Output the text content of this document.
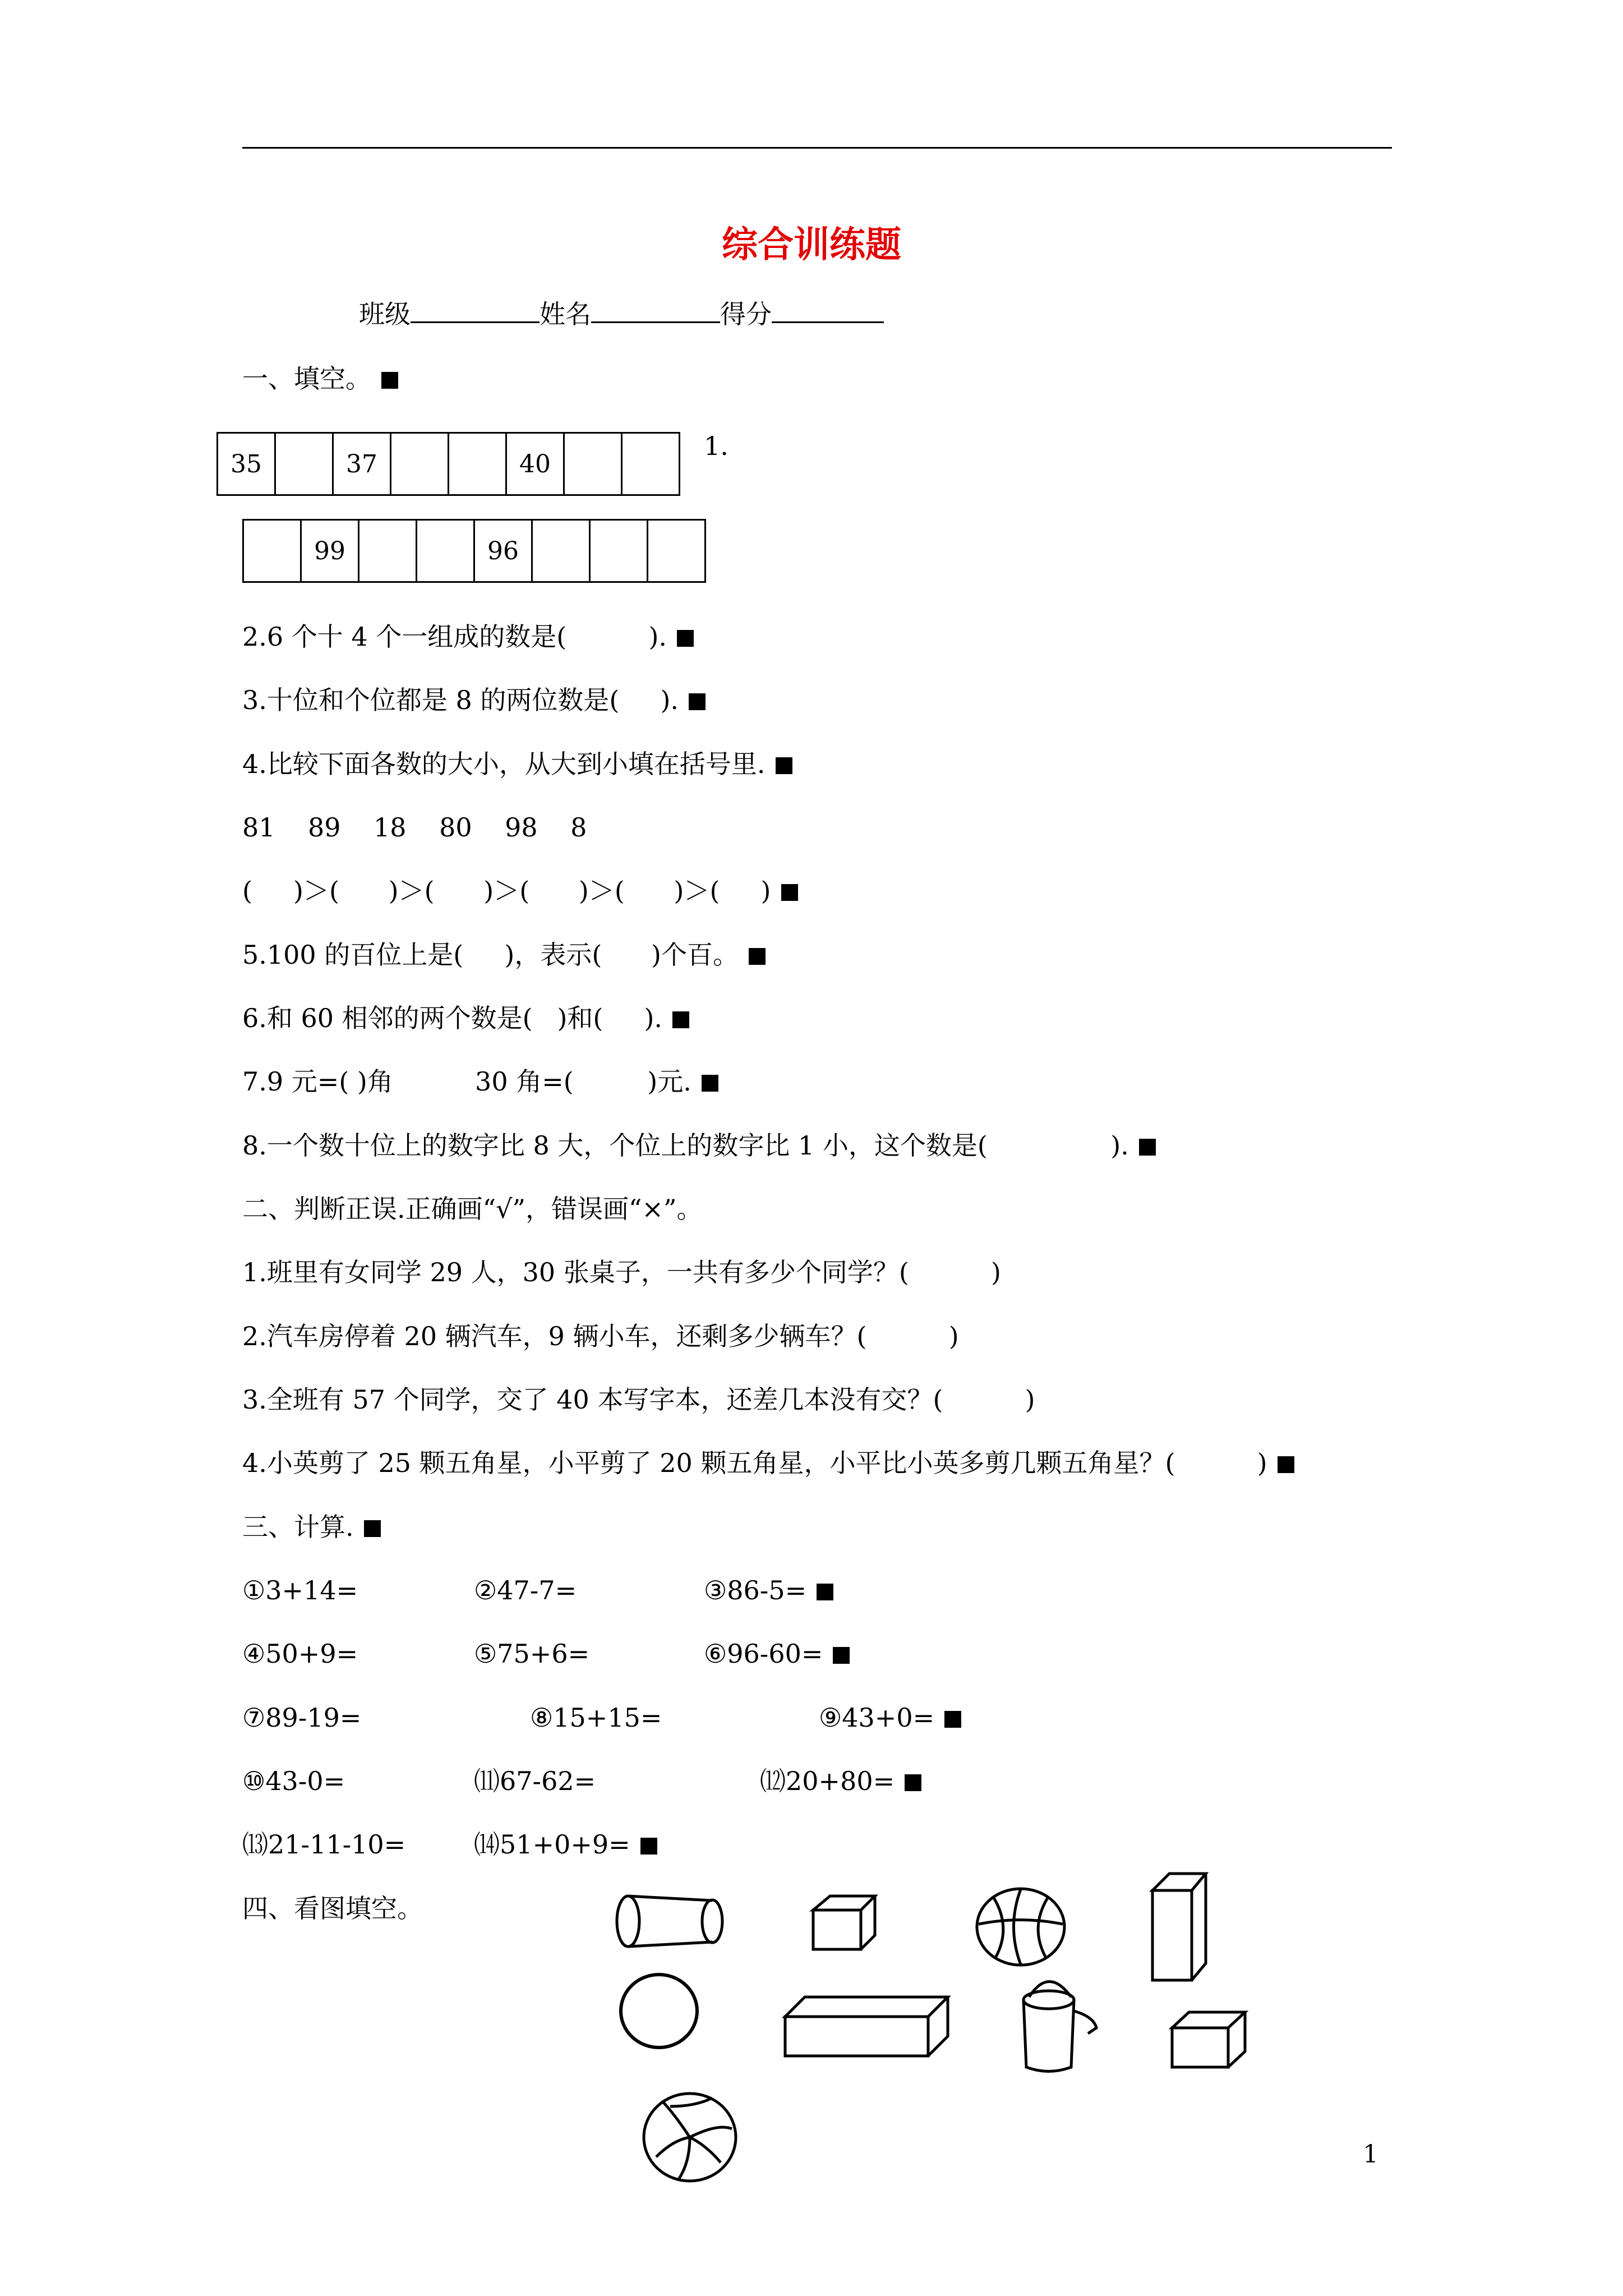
综合训练题
班级	姓名	得分
一、填空。
35		37			40		
1.
	99			96			
2.6 个十 4 个一组成的数是(          ).
3.十位和个位都是 8 的两位数是(     ).
4.比较下面各数的大小，从大到小填在括号里.
81    89    18    80    98    8
(     )＞(      )＞(      )＞(      )＞(      )＞(     )
5.100 的百位上是(     )，表示(      )个百。
6.和 60 相邻的两个数是(   )和(     ).
7.9 元=( )角          30 角=(         )元.
8.一个数十位上的数字比 8 大，个位上的数字比 1 小，这个数是(               ).
二、判断正误.正确画“√”，错误画“×”。
1.班里有女同学 29 人，30 张桌子，一共有多少个同学？(          )
2.汽车房停着 20 辆汽车，9 辆小车，还剩多少辆车？(          )
3.全班有 57 个同学，交了 40 本写字本，还差几本没有交？(          )
4.小英剪了 25 颗五角星，小平剪了 20 颗五角星，小平比小英多剪几颗五角星？(          )
三、计算.
①3+14=	②47-7=	③86-5=
④50+9=	⑤75+6=	⑥96-60=
⑦89-19=	⑧15+15=	⑨43+0=
⑩43-0=	⑾67-62=	⑿20+80=
⒀21-11-10=	⒁51+0+9=
四、看图填空。
1
